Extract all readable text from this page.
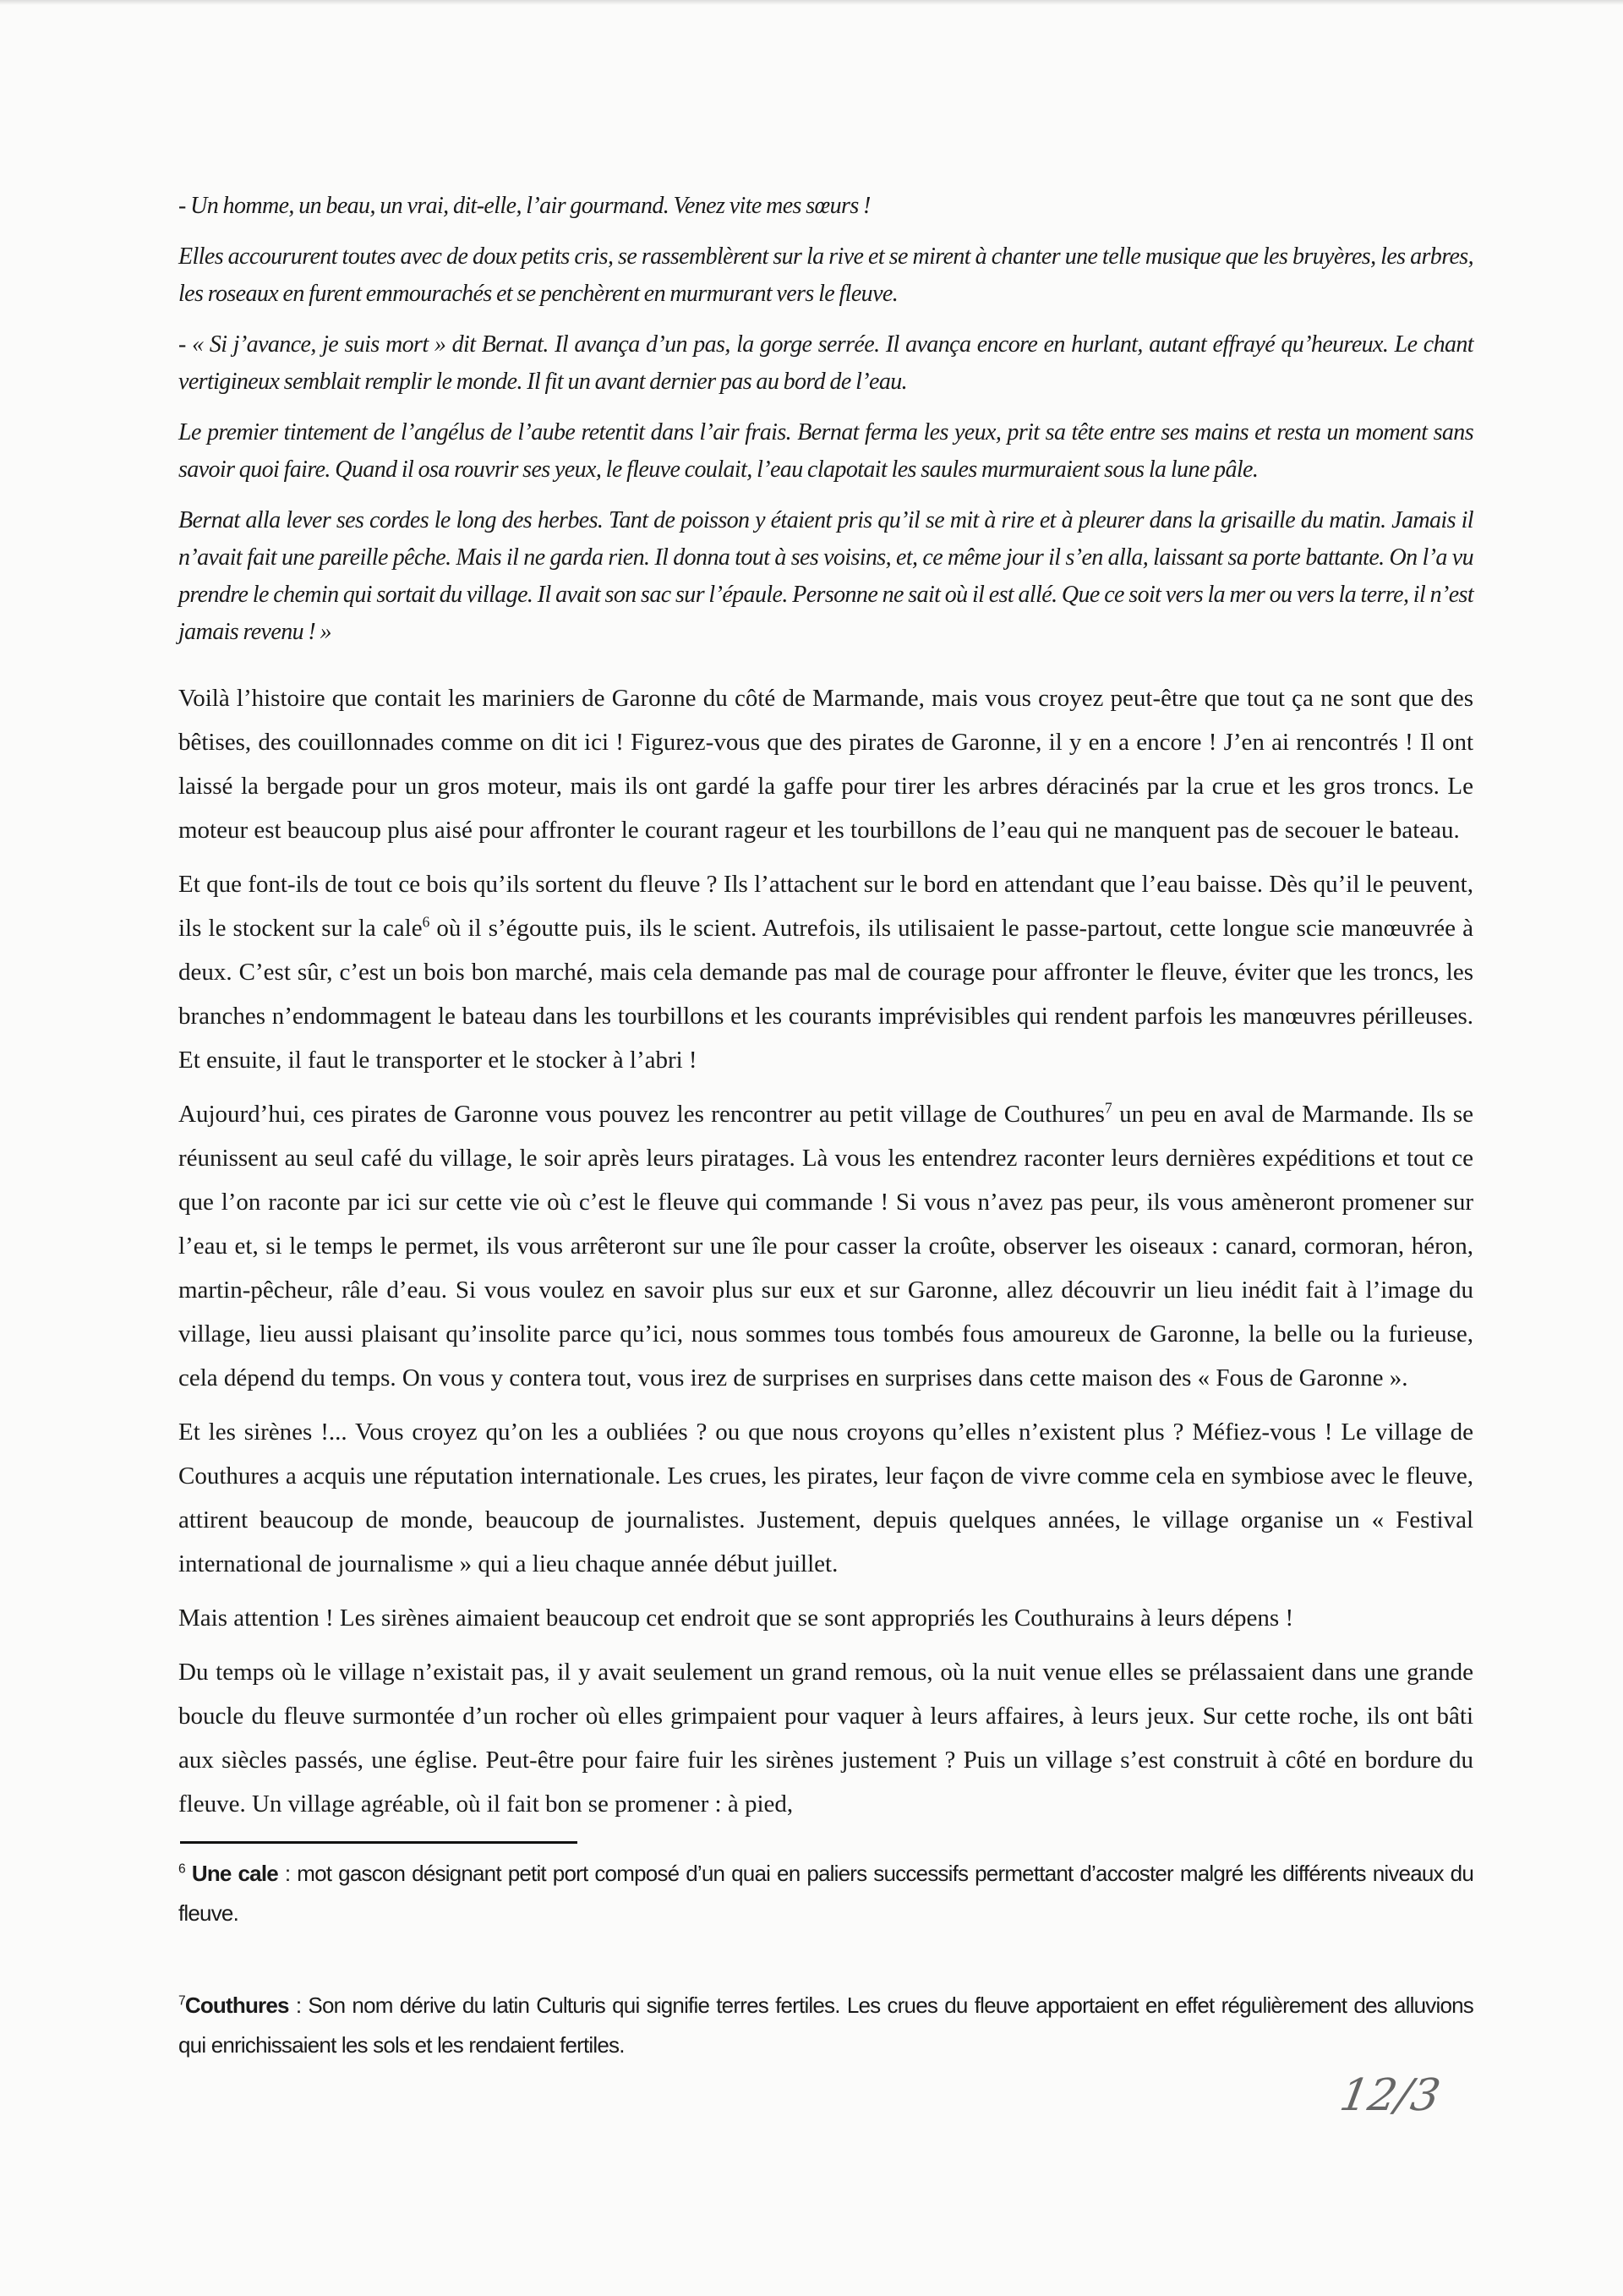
- Un homme, un beau, un vrai, dit-elle, l’air gourmand. Venez vite mes sœurs !

Elles accoururent toutes avec de doux petits cris, se rassemblèrent sur la rive et se mirent à chanter une telle musique que les bruyères, les arbres, les roseaux en furent emmourachés et se penchèrent en murmurant vers le fleuve.

- « Si j’avance, je suis mort » dit Bernat. Il avança d’un pas, la gorge serrée. Il avança encore en hurlant, autant effrayé qu’heureux. Le chant vertigineux semblait remplir le monde. Il fit un avant dernier pas au bord de l’eau.

Le premier tintement de l’angélus de l’aube retentit dans l’air frais. Bernat ferma les yeux, prit sa tête entre ses mains et resta un moment sans savoir quoi faire. Quand il osa rouvrir ses yeux, le fleuve coulait, l’eau clapotait les saules murmuraient sous la lune pâle.

Bernat alla lever ses cordes le long des herbes. Tant de poisson y étaient pris qu’il se mit à rire et à pleurer dans la grisaille du matin. Jamais il n’avait fait une pareille pêche. Mais il ne garda rien. Il donna tout à ses voisins, et, ce même jour il s’en alla, laissant sa porte battante. On l’a vu prendre le chemin qui sortait du village. Il avait son sac sur l’épaule. Personne ne sait où il est allé. Que ce soit vers la mer ou vers la terre, il n’est jamais revenu ! »

Voilà l’histoire que contait les mariniers de Garonne du côté de Marmande, mais vous croyez peut-être que tout ça ne sont que des bêtises, des couillonnades comme on dit ici ! Figurez-vous que des pirates de Garonne, il y en a encore ! J’en ai rencontrés ! Il ont laissé la bergade pour un gros moteur, mais ils ont gardé la gaffe pour tirer les arbres déracinés par la crue et les gros troncs. Le moteur est beaucoup plus aisé pour affronter le courant rageur et les tourbillons de l’eau qui ne manquent pas de secouer le bateau.

Et que font-ils de tout ce bois qu’ils sortent du fleuve ? Ils l’attachent sur le bord en attendant que l’eau baisse. Dès qu’il le peuvent, ils le stockent sur la cale$^6$ où il s’égoutte puis, ils le scient. Autrefois, ils utilisaient le passe-partout, cette longue scie manœuvrée à deux. C’est sûr, c’est un bois bon marché, mais cela demande pas mal de courage pour affronter le fleuve, éviter que les troncs, les branches n’endommagent le bateau dans les tourbillons et les courants imprévisibles qui rendent parfois les manœuvres périlleuses. Et ensuite, il faut le transporter et le stocker à l’abri !

Aujourd’hui, ces pirates de Garonne vous pouvez les rencontrer au petit village de Couthures$^7$ un peu en aval de Marmande. Ils se réunissent au seul café du village, le soir après leurs piratages. Là vous les entendrez raconter leurs dernières expéditions et tout ce que l’on raconte par ici sur cette vie où c’est le fleuve qui commande ! Si vous n’avez pas peur, ils vous amèneront promener sur l’eau et, si le temps le permet, ils vous arrêteront sur une île pour casser la croûte, observer les oiseaux : canard, cormoran, héron, martin-pêcheur, râle d’eau. Si vous voulez en savoir plus sur eux et sur Garonne, allez découvrir un lieu inédit fait à l’image du village, lieu aussi plaisant qu’insolite parce qu’ici, nous sommes tous tombés fous amoureux de Garonne, la belle ou la furieuse, cela dépend du temps. On vous y contera tout, vous irez de surprises en surprises dans cette maison des « Fous de Garonne ».

Et les sirènes !... Vous croyez qu’on les a oubliées ? ou que nous croyons qu’elles n’existent plus ? Méfiez-vous ! Le village de Couthures a acquis une réputation internationale. Les crues, les pirates, leur façon de vivre comme cela en symbiose avec le fleuve, attirent beaucoup de monde, beaucoup de journalistes. Justement, depuis quelques années, le village organise un « Festival international de journalisme » qui a lieu chaque année début juillet.

Mais attention ! Les sirènes aimaient beaucoup cet endroit que se sont appropriés les Couthurains à leurs dépens !

Du temps où le village n’existait pas, il y avait seulement un grand remous, où la nuit venue elles se prélassaient dans une grande boucle du fleuve surmontée d’un rocher où elles grimpaient pour vaquer à leurs affaires, à leurs jeux. Sur cette roche, ils ont bâti aux siècles passés, une église. Peut-être pour faire fuir les sirènes justement ? Puis un village s’est construit à côté en bordure du fleuve. Un village agréable, où il fait bon se promener : à pied,

$^6$ Une cale : mot gascon désignant petit port composé d’un quai en paliers successifs permettant d’accoster malgré les différents niveaux du fleuve.

$^7$Couthures : Son nom dérive du latin Culturis qui signifie terres fertiles. Les crues du fleuve apportaient en effet régulièrement des alluvions qui enrichissaient les sols et les rendaient fertiles.

12/3
